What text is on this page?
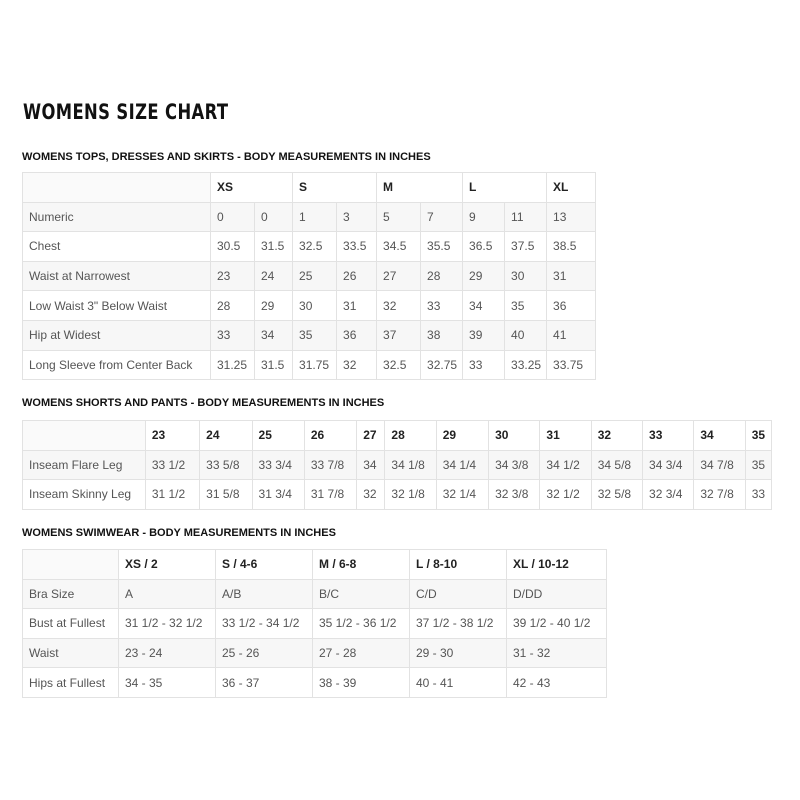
WOMENS SIZE CHART
WOMENS TOPS, DRESSES AND SKIRTS - BODY MEASUREMENTS IN INCHES
	XS		S		M		L		XL
Numeric	0	0	1	3	5	7	9	11	13
Chest	30.5	31.5	32.5	33.5	34.5	35.5	36.5	37.5	38.5
Waist at Narrowest	23	24	25	26	27	28	29	30	31
Low Waist 3" Below Waist	28	29	30	31	32	33	34	35	36
Hip at Widest	33	34	35	36	37	38	39	40	41
Long Sleeve from Center Back	31.25	31.5	31.75	32	32.5	32.75	33	33.25	33.75
WOMENS SHORTS AND PANTS - BODY MEASUREMENTS IN INCHES
	23	24	25	26	27	28	29	30	31	32	33	34	35
Inseam Flare Leg	33 1/2	33 5/8	33 3/4	33 7/8	34	34 1/8	34 1/4	34 3/8	34 1/2	34 5/8	34 3/4	34 7/8	35
Inseam Skinny Leg	31 1/2	31 5/8	31 3/4	31 7/8	32	32 1/8	32 1/4	32 3/8	32 1/2	32 5/8	32 3/4	32 7/8	33
WOMENS SWIMWEAR - BODY MEASUREMENTS IN INCHES
	XS / 2	S / 4-6	M / 6-8	L / 8-10	XL / 10-12
Bra Size	A	A/B	B/C	C/D	D/DD
Bust at Fullest	31 1/2 - 32 1/2	33 1/2 - 34 1/2	35 1/2 - 36 1/2	37 1/2 - 38 1/2	39 1/2 - 40 1/2
Waist	23 - 24	25 - 26	27 - 28	29 - 30	31 - 32
Hips at Fullest	34 - 35	36 - 37	38 - 39	40 - 41	42 - 43
